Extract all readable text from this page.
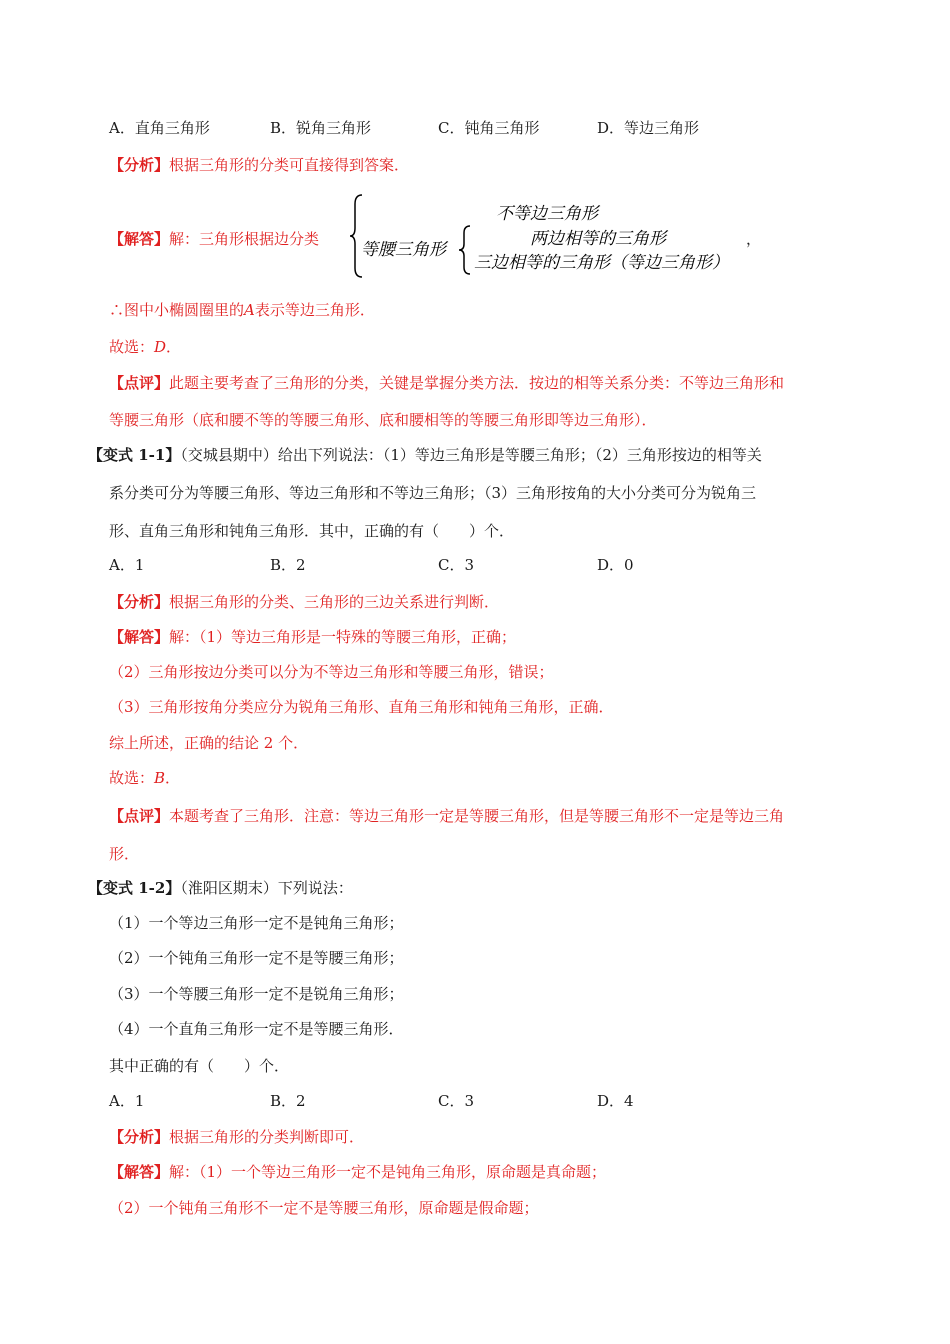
A．直角三角形	B．锐角三角形	C．钝角三角形	D．等边三角形
【分析】根据三角形的分类可直接得到答案．
【解答】解：三角形根据边分类
不等边三角形
等腰三角形
两边相等的三角形
三边相等的三角形（等边三角形）
，
∴图中小椭圆圈里的A表示等边三角形．
故选：D．
【点评】此题主要考查了三角形的分类，关键是掌握分类方法．按边的相等关系分类：不等边三角形和
等腰三角形（底和腰不等的等腰三角形、底和腰相等的等腰三角形即等边三角形）．
【变式 1-1】（交城县期中）给出下列说法：（1）等边三角形是等腰三角形；（2）三角形按边的相等关
系分类可分为等腰三角形、等边三角形和不等边三角形；（3）三角形按角的大小分类可分为锐角三
形、直角三角形和钝角三角形．其中，正确的有（　　）个．
A．1	B．2	C．3	D．0
【分析】根据三角形的分类、三角形的三边关系进行判断．
【解答】解：（1）等边三角形是一特殊的等腰三角形，正确；
（2）三角形按边分类可以分为不等边三角形和等腰三角形，错误；
（3）三角形按角分类应分为锐角三角形、直角三角形和钝角三角形，正确．
综上所述，正确的结论 2 个．
故选：B．
【点评】本题考查了三角形．注意：等边三角形一定是等腰三角形，但是等腰三角形不一定是等边三角
形．
【变式 1-2】（淮阳区期末）下列说法：
（1）一个等边三角形一定不是钝角三角形；
（2）一个钝角三角形一定不是等腰三角形；
（3）一个等腰三角形一定不是锐角三角形；
（4）一个直角三角形一定不是等腰三角形．
其中正确的有（　　）个．
A．1	B．2	C．3	D．4
【分析】根据三角形的分类判断即可．
【解答】解：（1）一个等边三角形一定不是钝角三角形，原命题是真命题；
（2）一个钝角三角形不一定不是等腰三角形，原命题是假命题；
